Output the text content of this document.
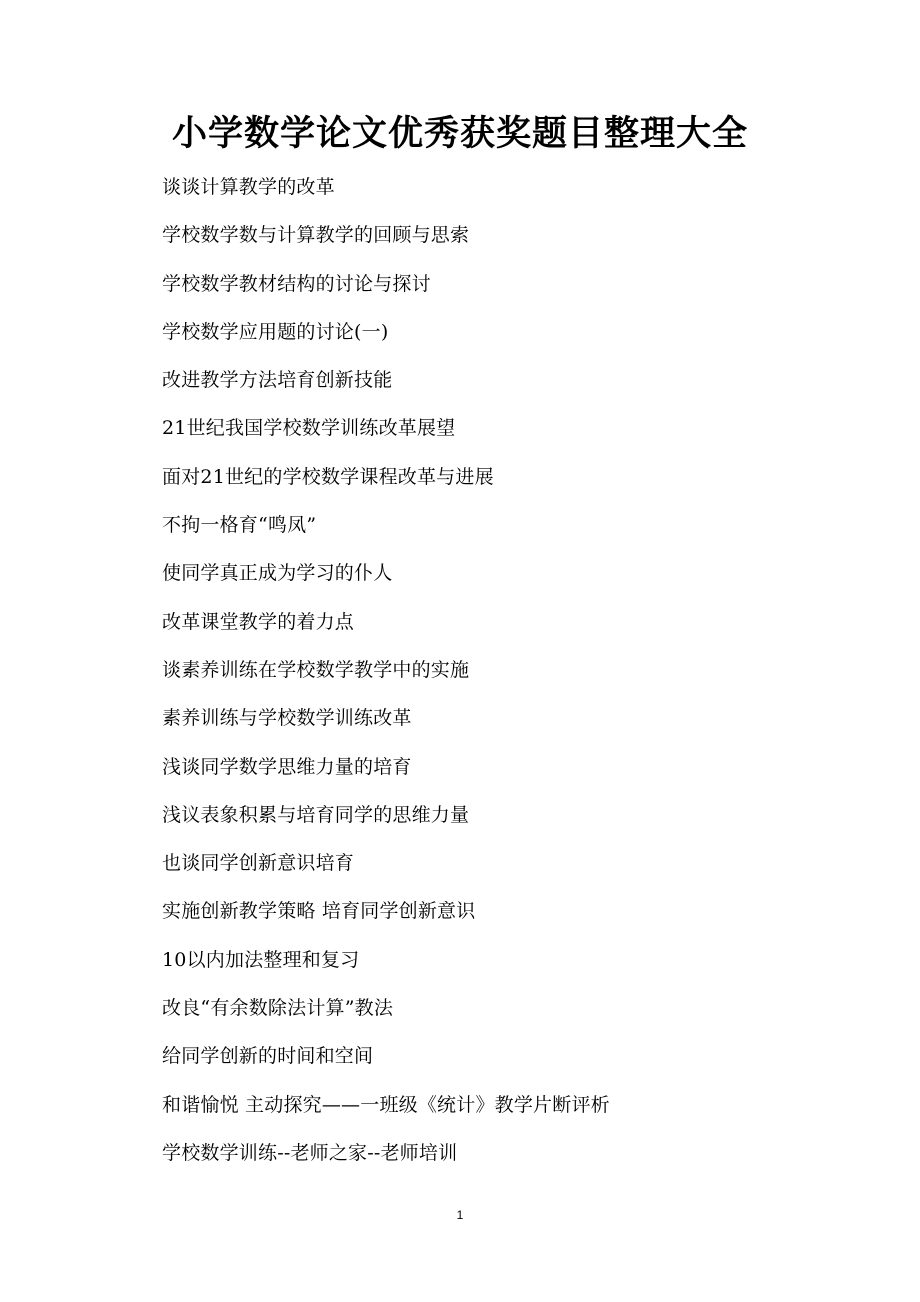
小学数学论文优秀获奖题目整理大全
谈谈计算教学的改革
学校数学数与计算教学的回顾与思索
学校数学教材结构的讨论与探讨
学校数学应用题的讨论(一)
改进教学方法培育创新技能
21世纪我国学校数学训练改革展望
面对21世纪的学校数学课程改革与进展
不拘一格育“鸣凤”
使同学真正成为学习的仆人
改革课堂教学的着力点
谈素养训练在学校数学教学中的实施
素养训练与学校数学训练改革
浅谈同学数学思维力量的培育
浅议表象积累与培育同学的思维力量
也谈同学创新意识培育
实施创新教学策略 培育同学创新意识
10以内加法整理和复习
改良“有余数除法计算”教法
给同学创新的时间和空间
和谐愉悦 主动探究——一班级《统计》教学片断评析
学校数学训练--老师之家--老师培训
1
